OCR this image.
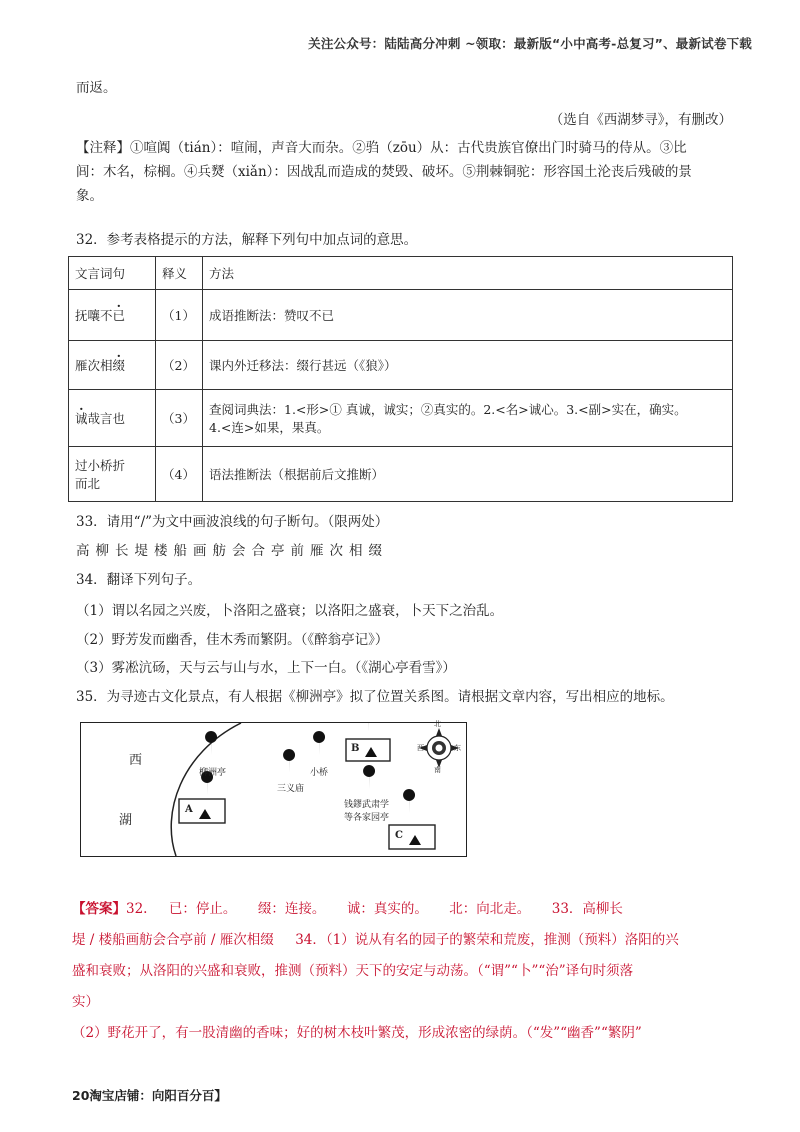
关注公众号：陆陆高分冲刺 ~领取：最新版“小中高考-总复习”、最新试卷下载
而返。
（选自《西湖梦寻》，有删改）
【注释】①喧阗（tián）：喧闹，声音大而杂。②驺（zōu）从：古代贵族官僚出门时骑马的侍从。③比
闾：木名，棕榈。④兵燹（xiǎn）：因战乱而造成的焚毁、破坏。⑤荆棘铜驼：形容国土沦丧后残破的景
象。
32．参考表格提示的方法，解释下列句中加点词的意思。
文言词句	释义	方法
抚嚷不已	（1）	成语推断法：赞叹不已
雁次相缀	（2）	课内外迁移法：缀行甚远（《狼》）
诚哉言也	（3）	查阅词典法：1.<形>① 真诚，诚实；②真实的。2.<名>诚心。3.<副>实在，确实。
4.<连>如果，果真。

过小桥折
而北	（4）	语法推断法（根据前后文推断）
33．请用“/”为文中画波浪线的句子断句。（限两处）
高柳长堤楼船画舫会合亭前雁次相缀
34．翻译下列句子。
（1）谓以名园之兴废，卜洛阳之盛衰；以洛阳之盛衰，卜天下之治乱。
（2）野芳发而幽香，佳木秀而繁阴。（《醉翁亭记》）
（3）雾凇沆砀，天与云与山与水，上下一白。（《湖心亭看雪》）
35．为寻迹古文化景点，有人根据《柳洲亭》拟了位置关系图。请根据文章内容，写出相应的地标。
西
湖
柳洲亭	小桥
三义庙
钱鏐武肃学
等各家园亭
A
B
C
北
西	东
南
【答案】32.     已：停止。     缀：连接。     诚：真实的。     北：向北走。     33．高柳长
堤 / 楼船画舫会合亭前 / 雁次相缀     34．（1）说从有名的园子的繁荣和荒废，推测（预料）洛阳的兴
盛和衰败；从洛阳的兴盛和衰败，推测（预料）天下的安定与动荡。（“谓”“卜”“治”译句时须落
实）
（2）野花开了，有一股清幽的香味；好的树木枝叶繁茂，形成浓密的绿荫。（“发”“幽香”“繁阴”
20淘宝店铺：向阳百分百】
